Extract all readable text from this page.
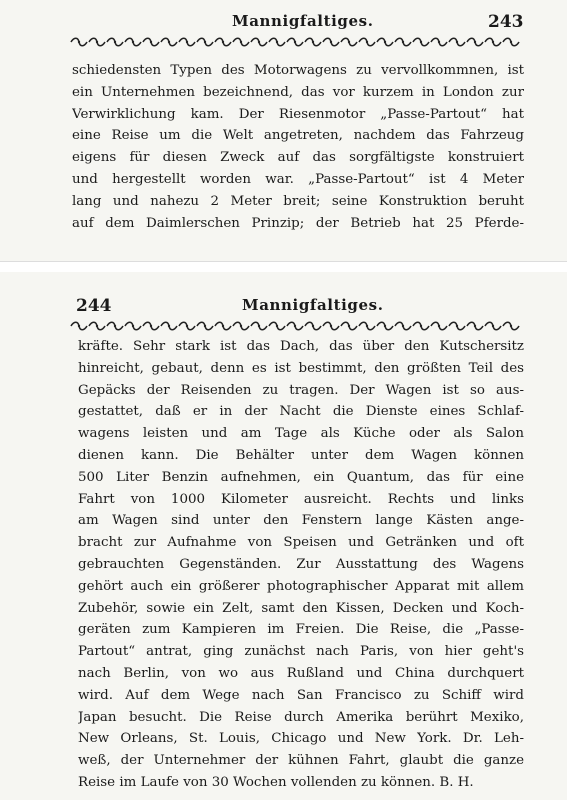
Mannigfaltiges.	243
schiedensten Typen des Motorwagens zu vervollkommnen, ist
ein Unternehmen bezeichnend, das vor kurzem in London zur
Verwirklichung kam. Der Riesenmotor „Passe-Partout“ hat
eine Reise um die Welt angetreten, nachdem das Fahrzeug
eigens für diesen Zweck auf das sorgfältigste konstruiert
und hergestellt worden war. „Passe-Partout“ ist 4 Meter
lang und nahezu 2 Meter breit; seine Konstruktion beruht
auf dem Daimlerschen Prinzip; der Betrieb hat 25 Pferde-
244	Mannigfaltiges.
kräfte. Sehr stark ist das Dach, das über den Kutschersitz
hinreicht, gebaut, denn es ist bestimmt, den größten Teil des
Gepäcks der Reisenden zu tragen. Der Wagen ist so aus-
gestattet, daß er in der Nacht die Dienste eines Schlaf-
wagens leisten und am Tage als Küche oder als Salon
dienen kann. Die Behälter unter dem Wagen können
500 Liter Benzin aufnehmen, ein Quantum, das für eine
Fahrt von 1000 Kilometer ausreicht. Rechts und links
am Wagen sind unter den Fenstern lange Kästen ange-
bracht zur Aufnahme von Speisen und Getränken und oft
gebrauchten Gegenständen. Zur Ausstattung des Wagens
gehört auch ein größerer photographischer Apparat mit allem
Zubehör, sowie ein Zelt, samt den Kissen, Decken und Koch-
geräten zum Kampieren im Freien. Die Reise, die „Passe-
Partout“ antrat, ging zunächst nach Paris, von hier geht's
nach Berlin, von wo aus Rußland und China durchquert
wird. Auf dem Wege nach San Francisco zu Schiff wird
Japan besucht. Die Reise durch Amerika berührt Mexiko,
New Orleans, St. Louis, Chicago und New York. Dr. Leh-
weß, der Unternehmer der kühnen Fahrt, glaubt die ganze
Reise im Laufe von 30 Wochen vollenden zu können. B. H.
